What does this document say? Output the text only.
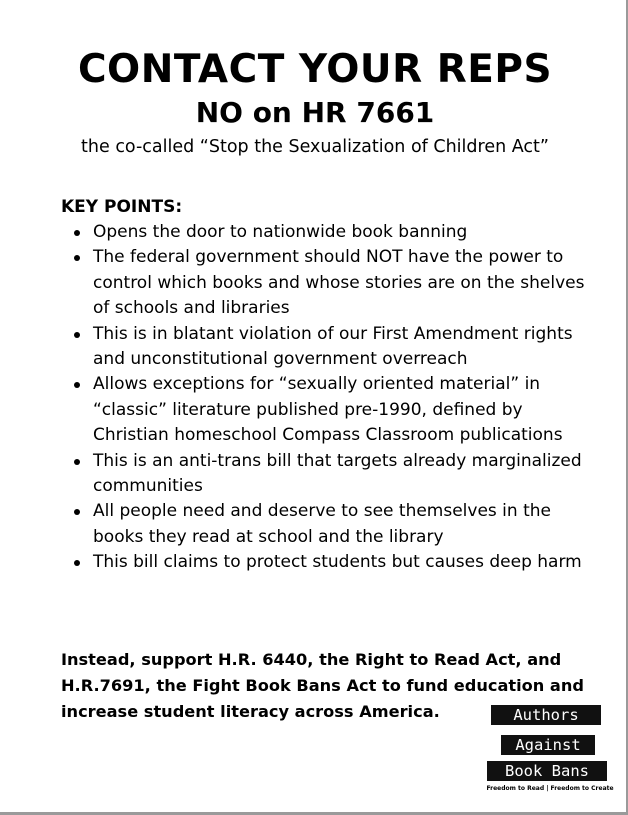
CONTACT YOUR REPS
NO on HR 7661

the co-called “Stop the Sexualization of Children Act”

KEY POINTS:

Opens the door to nationwide book banning
The federal government should NOT have the power to control which books and whose stories are on the shelves of schools and libraries
This is in blatant violation of our First Amendment rights and unconstitutional government overreach
Allows exceptions for “sexually oriented material” in “classic” literature published pre-1990, defined by Christian homeschool Compass Classroom publications
This is an anti-trans bill that targets already marginalized communities
All people need and deserve to see themselves in the books they read at school and the library
This bill claims to protect students but causes deep harm

Instead, support H.R. 6440, the Right to Read Act, and H.R.7691, the Fight Book Bans Act to fund education and increase student literacy across America.	Authors
Against
Book Bans
Freedom to Read | Freedom to Create
